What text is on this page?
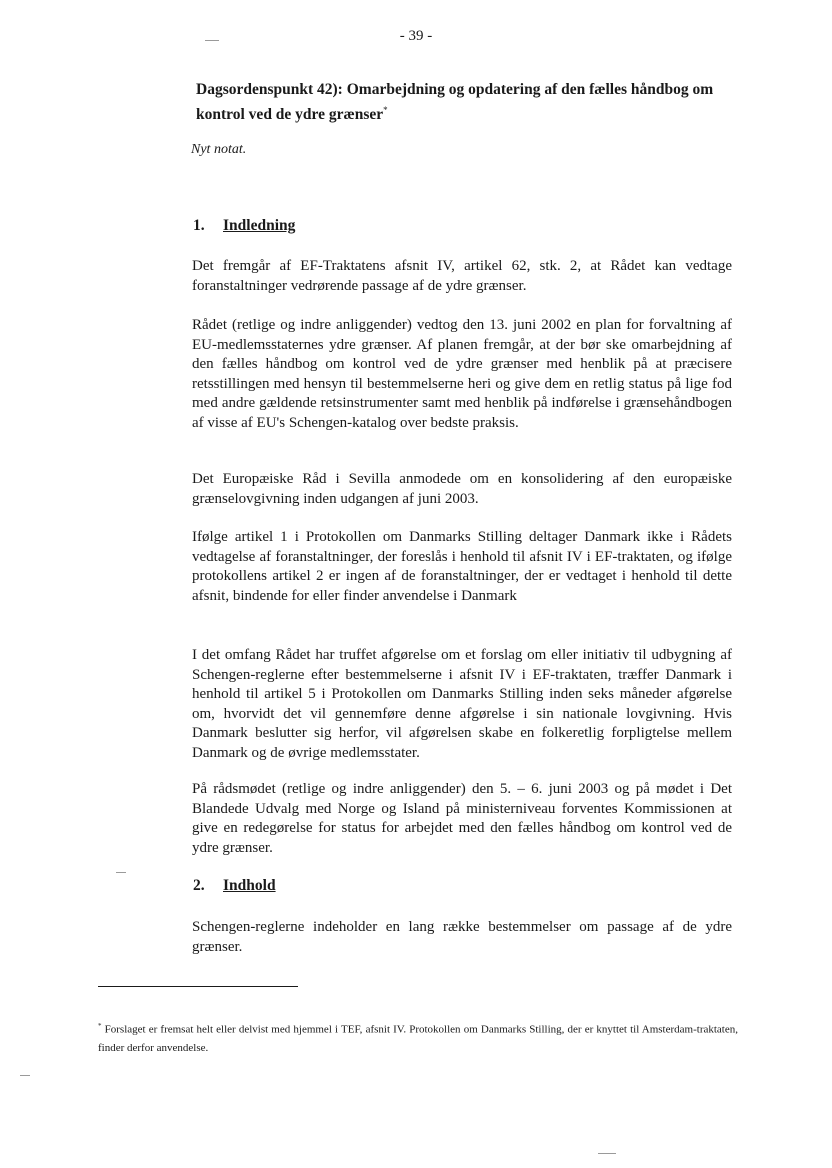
- 39 -
Dagsordenspunkt 42): Omarbejdning og opdatering af den fælles håndbog om kontrol ved de ydre grænser*
Nyt notat.
1. Indledning

Det fremgår af EF-Traktatens afsnit IV, artikel 62, stk. 2, at Rådet kan vedtage foranstaltninger vedrørende passage af de ydre grænser.

Rådet (retlige og indre anliggender) vedtog den 13. juni 2002 en plan for forvaltning af EU-medlemsstaternes ydre grænser. Af planen fremgår, at der bør ske omarbejdning af den fælles håndbog om kontrol ved de ydre grænser med henblik på at præcisere retsstillingen med hensyn til bestemmelserne heri og give dem en retlig status på lige fod med andre gældende retsinstrumenter samt med henblik på indførelse i grænsehåndbogen af visse af EU's Schengen-katalog over bedste praksis.

Det Europæiske Råd i Sevilla anmodede om en konsolidering af den europæiske grænselovgivning inden udgangen af juni 2003.

Ifølge artikel 1 i Protokollen om Danmarks Stilling deltager Danmark ikke i Rådets vedtagelse af foranstaltninger, der foreslås i henhold til afsnit IV i EF-traktaten, og ifølge protokollens artikel 2 er ingen af de foranstaltninger, der er vedtaget i henhold til dette afsnit, bindende for eller finder anvendelse i Danmark

I det omfang Rådet har truffet afgørelse om et forslag om eller initiativ til udbygning af Schengen-reglerne efter bestemmelserne i afsnit IV i EF-traktaten, træffer Danmark i henhold til artikel 5 i Protokollen om Danmarks Stilling inden seks måneder afgørelse om, hvorvidt det vil gennemføre denne afgørelse i sin nationale lovgivning. Hvis Danmark beslutter sig herfor, vil afgørelsen skabe en folkeretlig forpligtelse mellem Danmark og de øvrige medlemsstater.

På rådsmødet (retlige og indre anliggender) den 5. – 6. juni 2003 og på mødet i Det Blandede Udvalg med Norge og Island på ministerniveau forventes Kommissionen at give en redegørelse for status for arbejdet med den fælles håndbog om kontrol ved de ydre grænser.

2. Indhold

Schengen-reglerne indeholder en lang række bestemmelser om passage af de ydre grænser.

* Forslaget er fremsat helt eller delvist med hjemmel i TEF, afsnit IV. Protokollen om Danmarks Stilling, der er knyttet til Amsterdam-traktaten, finder derfor anvendelse.
